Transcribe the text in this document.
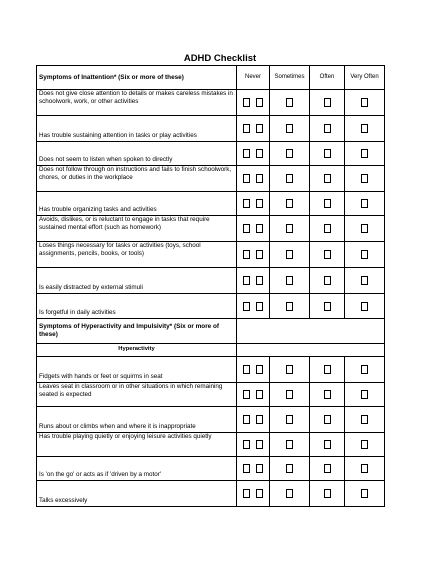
ADHD Checklist
Symptoms of Inattention* (Six or more of these)	Never	Sometimes	Often	Very Often
Does not give close attention to details or makes careless mistakes in schoolwork, work, or other activities				
Has trouble sustaining attention in tasks or play activities				
Does not seem to listen when spoken to directly				
Does not follow through on instructions and fails to finish schoolwork, chores, or duties in the workplace				
Has trouble organizing tasks and activities				
Avoids, dislikes, or is reluctant to engage in tasks that require sustained mental effort (such as homework)				
Loses things necessary for tasks or activities (toys, school assignments, pencils, books, or tools)				
Is easily distracted by external stimuli				
Is forgetful in daily activities				
Symptoms of Hyperactivity and Impulsivity* (Six or more of these)				
Hyperactivity				
Fidgets with hands or feet or squirms in seat				
Leaves seat in classroom or in other situations in which remaining seated is expected				
Runs about or climbs when and where it is inappropriate				
Has trouble playing quietly or enjoying leisure activities quietly				
Is 'on the go' or acts as if 'driven by a motor'				
Talks excessively				
